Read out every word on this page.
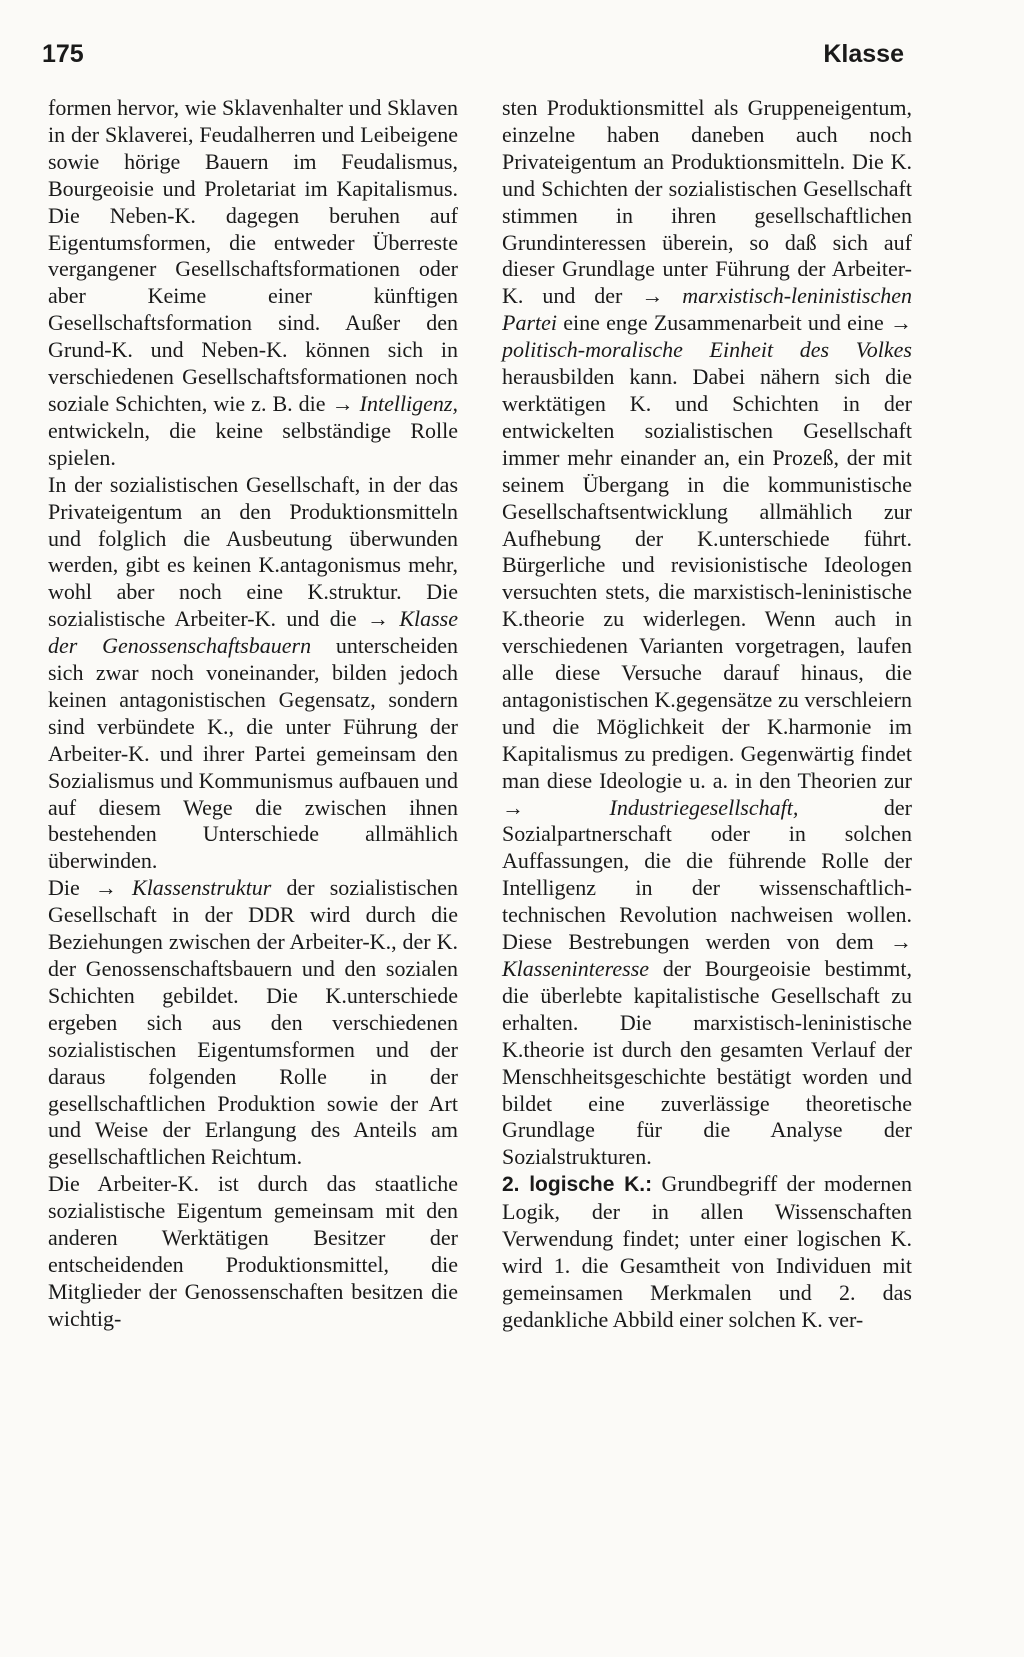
175	Klasse

formen hervor, wie Sklavenhalter und Sklaven in der Sklaverei, Feudalherren und Leibeigene sowie hörige Bauern im Feudalismus, Bourgeoisie und Proletariat im Kapitalismus. Die Neben-K. dagegen beruhen auf Eigentumsformen, die entweder Überreste vergangener Gesellschaftsformationen oder aber Keime einer künftigen Gesellschaftsformation sind. Außer den Grund-K. und Neben-K. können sich in verschiedenen Gesellschaftsformationen noch soziale Schichten, wie z. B. die → Intelligenz, entwickeln, die keine selbständige Rolle spielen.

In der sozialistischen Gesellschaft, in der das Privateigentum an den Produktionsmitteln und folglich die Ausbeutung überwunden werden, gibt es keinen K.antagonismus mehr, wohl aber noch eine K.struktur. Die sozialistische Arbeiter-K. und die → Klasse der Genossenschaftsbauern unterscheiden sich zwar noch voneinander, bilden jedoch keinen antagonistischen Gegensatz, sondern sind verbündete K., die unter Führung der Arbeiter-K. und ihrer Partei gemeinsam den Sozialismus und Kommunismus aufbauen und auf diesem Wege die zwischen ihnen bestehenden Unterschiede allmählich überwinden.

Die → Klassenstruktur der sozialistischen Gesellschaft in der DDR wird durch die Beziehungen zwischen der Arbeiter-K., der K. der Genossenschaftsbauern und den sozialen Schichten gebildet. Die K.unterschiede ergeben sich aus den verschiedenen sozialistischen Eigentumsformen und der daraus folgenden Rolle in der gesellschaftlichen Produktion sowie der Art und Weise der Erlangung des Anteils am gesellschaftlichen Reichtum.

Die Arbeiter-K. ist durch das staatliche sozialistische Eigentum gemeinsam mit den anderen Werktätigen Besitzer der entscheidenden Produktionsmittel, die Mitglieder der Genossenschaften besitzen die wichtig-

sten Produktionsmittel als Gruppeneigentum, einzelne haben daneben auch noch Privateigentum an Produktionsmitteln. Die K. und Schichten der sozialistischen Gesellschaft stimmen in ihren gesellschaftlichen Grundinteressen überein, so daß sich auf dieser Grundlage unter Führung der Arbeiter-K. und der → marxistisch-leninistischen Partei eine enge Zusammenarbeit und eine → politisch-moralische Einheit des Volkes herausbilden kann. Dabei nähern sich die werktätigen K. und Schichten in der entwickelten sozialistischen Gesellschaft immer mehr einander an, ein Prozeß, der mit seinem Übergang in die kommunistische Gesellschaftsentwicklung allmählich zur Aufhebung der K.unterschiede führt. Bürgerliche und revisionistische Ideologen versuchten stets, die marxistisch-leninistische K.theorie zu widerlegen. Wenn auch in verschiedenen Varianten vorgetragen, laufen alle diese Versuche darauf hinaus, die antagonistischen K.gegensätze zu verschleiern und die Möglichkeit der K.harmonie im Kapitalismus zu predigen. Gegenwärtig findet man diese Ideologie u. a. in den Theorien zur →	Industriegesellschaft, der Sozialpartnerschaft oder in solchen Auffassungen, die die führende Rolle der Intelligenz in der wissenschaftlich-technischen Revolution nachweisen wollen. Diese Bestrebungen werden von dem → Klasseninteresse der Bourgeoisie bestimmt, die überlebte kapitalistische Gesellschaft zu erhalten. Die marxistisch-leninistische K.theorie ist durch den gesamten Verlauf der Menschheitsgeschichte bestätigt worden und bildet eine zuverlässige theoretische Grundlage für die Analyse der Sozialstrukturen.

2. logische K.: Grundbegriff der modernen Logik, der in allen Wissenschaften Verwendung findet; unter einer logischen K. wird 1. die Gesamtheit von Individuen mit gemeinsamen Merkmalen und 2. das gedankliche Abbild einer solchen K. ver-
